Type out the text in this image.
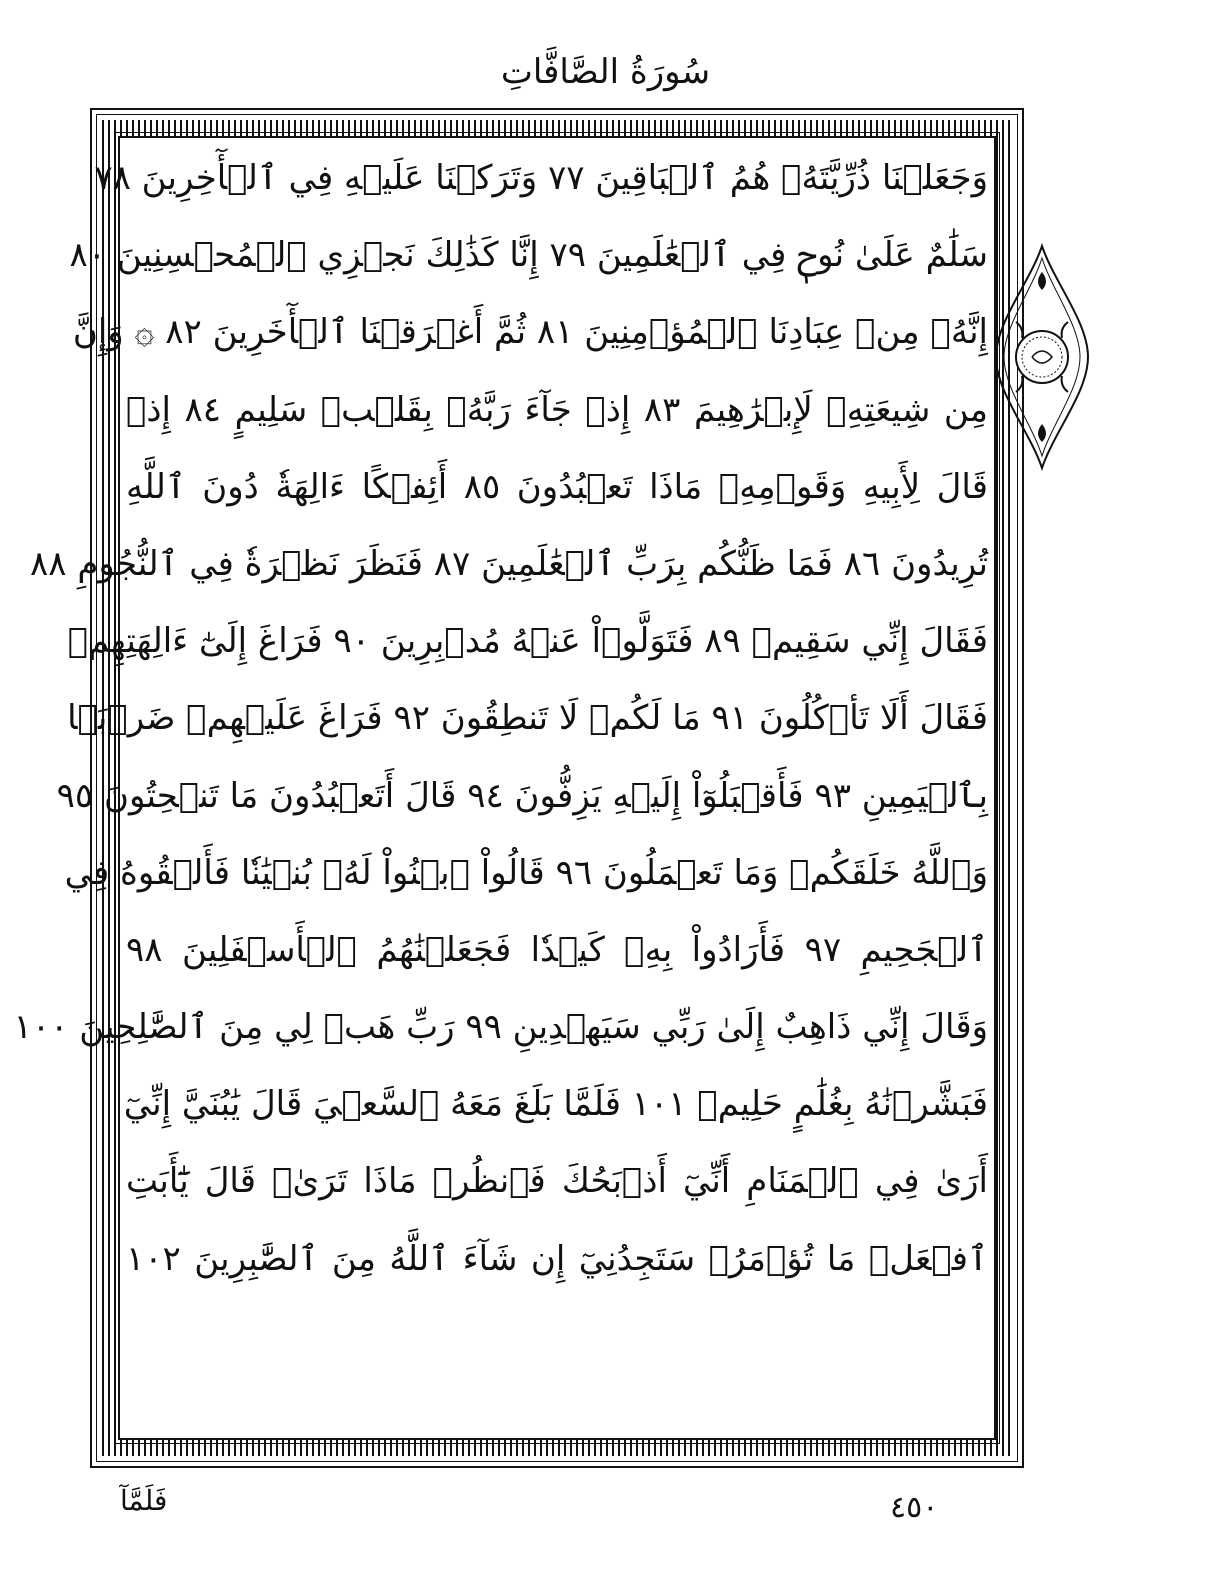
سُورَةُ الصَّافَّاتِ
وَجَعَلۡنَا ذُرِّيَّتَهُۥ هُمُ ٱلۡبَاقِينَ ٧٧ وَتَرَكۡنَا عَلَيۡهِ فِي ٱلۡأٓخِرِينَ ٧٨
سَلَٰمٌ عَلَىٰ نُوحٖ فِي ٱلۡعَٰلَمِينَ ٧٩ إِنَّا كَذَٰلِكَ نَجۡزِي ٱلۡمُحۡسِنِينَ ٨٠
إِنَّهُۥ مِنۡ عِبَادِنَا ٱلۡمُؤۡمِنِينَ ٨١ ثُمَّ أَغۡرَقۡنَا ٱلۡأٓخَرِينَ ٨٢ ۞ وَإِنَّ
مِن شِيعَتِهِۦ لَإِبۡرَٰهِيمَ ٨٣ إِذۡ جَآءَ رَبَّهُۥ بِقَلۡبٖ سَلِيمٍ ٨٤ إِذۡ
قَالَ لِأَبِيهِ وَقَوۡمِهِۦ مَاذَا تَعۡبُدُونَ ٨٥ أَئِفۡكًا ءَالِهَةٗ دُونَ ٱللَّهِ
تُرِيدُونَ ٨٦ فَمَا ظَنُّكُم بِرَبِّ ٱلۡعَٰلَمِينَ ٨٧ فَنَظَرَ نَظۡرَةٗ فِي ٱلنُّجُومِ ٨٨
فَقَالَ إِنِّي سَقِيمٞ ٨٩ فَتَوَلَّوۡاْ عَنۡهُ مُدۡبِرِينَ ٩٠ فَرَاغَ إِلَىٰٓ ءَالِهَتِهِمۡ
فَقَالَ أَلَا تَأۡكُلُونَ ٩١ مَا لَكُمۡ لَا تَنطِقُونَ ٩٢ فَرَاغَ عَلَيۡهِمۡ ضَرۡبَۢا
بِٱلۡيَمِينِ ٩٣ فَأَقۡبَلُوٓاْ إِلَيۡهِ يَزِفُّونَ ٩٤ قَالَ أَتَعۡبُدُونَ مَا تَنۡحِتُونَ ٩٥
وَٱللَّهُ خَلَقَكُمۡ وَمَا تَعۡمَلُونَ ٩٦ قَالُواْ ٱبۡنُواْ لَهُۥ بُنۡيَٰنٗا فَأَلۡقُوهُ فِي
ٱلۡجَحِيمِ ٩٧ فَأَرَادُواْ بِهِۦ كَيۡدٗا فَجَعَلۡنَٰهُمُ ٱلۡأَسۡفَلِينَ ٩٨
وَقَالَ إِنِّي ذَاهِبٌ إِلَىٰ رَبِّي سَيَهۡدِينِ ٩٩ رَبِّ هَبۡ لِي مِنَ ٱلصَّٰلِحِينَ ١٠٠
فَبَشَّرۡنَٰهُ بِغُلَٰمٍ حَلِيمٖ ١٠١ فَلَمَّا بَلَغَ مَعَهُ ٱلسَّعۡيَ قَالَ يَٰبُنَيَّ إِنِّيٓ
أَرَىٰ فِي ٱلۡمَنَامِ أَنِّيٓ أَذۡبَحُكَ فَٱنظُرۡ مَاذَا تَرَىٰۚ قَالَ يَٰٓأَبَتِ
ٱفۡعَلۡ مَا تُؤۡمَرُۖ سَتَجِدُنِيٓ إِن شَآءَ ٱللَّهُ مِنَ ٱلصَّٰبِرِينَ ١٠٢
فَلَمَّآ	٤٥٠
